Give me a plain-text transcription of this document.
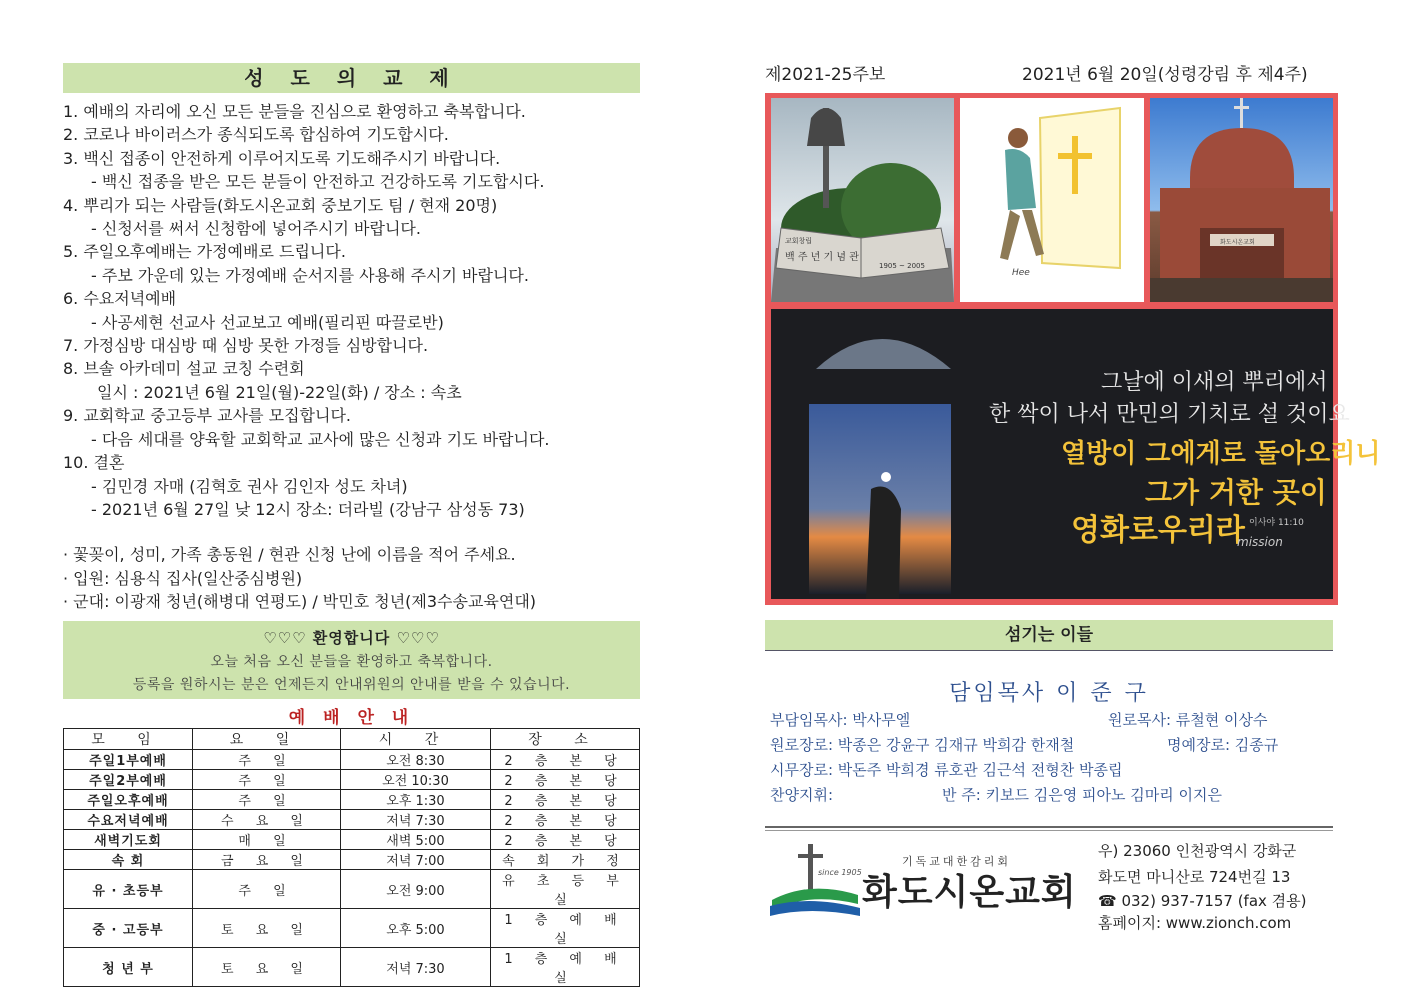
성 도 의 교 제
1. 예배의 자리에 오신 모든 분들을 진심으로 환영하고 축복합니다.
2. 코로나 바이러스가 종식되도록 합심하여 기도합시다.
3. 백신 접종이 안전하게 이루어지도록 기도해주시기 바랍니다.
- 백신 접종을 받은 모든 분들이 안전하고 건강하도록 기도합시다.
4. 뿌리가 되는 사람들(화도시온교회 중보기도 팀 / 현재 20명)
- 신청서를 써서 신청함에 넣어주시기 바랍니다.
5. 주일오후예배는 가정예배로 드립니다.
- 주보 가운데 있는 가정예배 순서지를 사용해 주시기 바랍니다.
6. 수요저녁예배
- 사공세현 선교사 선교보고 예배(필리핀 따끌로반)
7. 가정심방 대심방 때 심방 못한 가정들 심방합니다.
8. 브솔 아카데미 설교 코칭 수련회
일시 : 2021년 6월 21일(월)-22일(화) / 장소 : 속초
9. 교회학교 중고등부 교사를 모집합니다.
- 다음 세대를 양육할 교회학교 교사에 많은 신청과 기도 바랍니다.
10. 결혼
- 김민경 자매 (김혁호 권사 김인자 성도 차녀)
- 2021년 6월 27일 낮 12시 장소: 더라빌 (강남구 삼성동 73)
· 꽃꽂이, 성미, 가족 총동원 / 현관 신청 난에 이름을 적어 주세요.
· 입원: 심용식 집사(일산중심병원)
· 군대: 이광재 청년(해병대 연평도) / 박민호 청년(제3수송교육연대)
♡♡♡ 환영합니다 ♡♡♡
오늘 처음 오신 분들을 환영하고 축복합니다.
등록을 원하시는 분은 언제든지 안내위원의 안내를 받을 수 있습니다.
예 배 안 내
모 임	요 일	시 간	장 소
주일1부예배	주 일	오전 8:30	2 층 본 당
주일2부예배	주 일	오전 10:30	2 층 본 당
주일오후예배	주 일	오후 1:30	2 층 본 당
수요저녁예배	수 요 일	저녁 7:30	2 층 본 당
새벽기도회	매 일	새벽 5:00	2 층 본 당
속 회	금 요 일	저녁 7:00	속 회 가 정
유 · 초등부	주 일	오전 9:00	유 초 등 부 실
중 · 고등부	토 요 일	오후 5:00	1 층 예 배 실
청 년 부	토 요 일	저녁 7:30	1 층 예 배 실
제2021-25주보	2021년 6월 20일(성령강림 후 제4주)
교회창립
백 주 년 기 념 관
1905 ~ 2005
Hee
화도시온교회
그날에 이새의 뿌리에서
한 싹이 나서 만민의 기치로 설 것이요
열방이 그에게로 돌아오리니
그가 거한 곳이
영화로우리라 이사야 11:10
mission
섬기는 이들
담임목사 이 준 구
부담임목사: 박사무엘	원로목사: 류철현 이상수
원로장로: 박종은 강윤구 김재규 박희감 한재철	명예장로: 김종규
시무장로: 박돈주 박희경 류호관 김근석 전형찬 박종립
찬양지휘:	반 주: 키보드 김은영 피아노 김마리 이지은
since 1905
기독교대한감리회
화도시온교회
우) 23060 인천광역시 강화군
화도면 마니산로 724번길 13
☎ 032) 937-7157 (fax 겸용)
홈페이지: www.zionch.com
